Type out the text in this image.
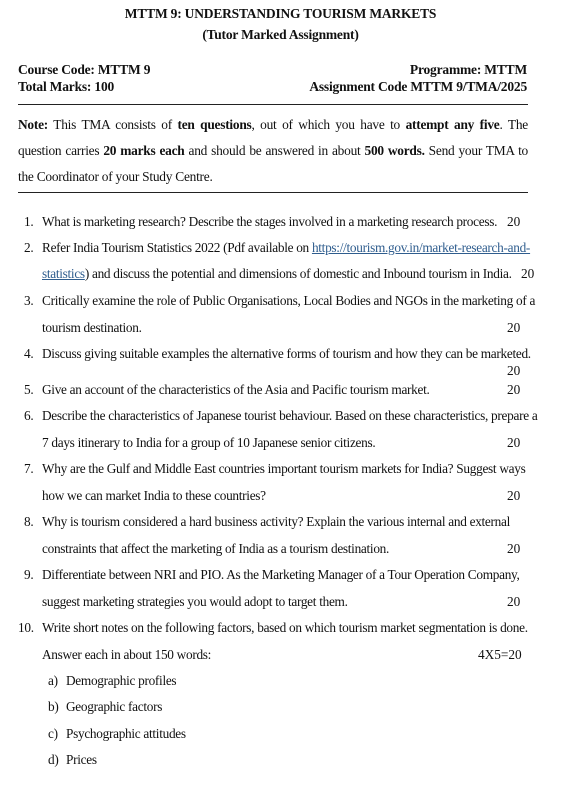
MTTM 9: UNDERSTANDING TOURISM MARKETS
(Tutor Marked Assignment)
Course Code: MTTM 9	Programme: MTTM
Total Marks: 100	Assignment Code MTTM 9/TMA/2025
Note: This TMA consists of ten questions, out of which you have to attempt any five. The question carries 20 marks each and should be answered in about 500 words. Send your TMA to the Coordinator of your Study Centre.
1. What is marketing research? Describe the stages involved in a marketing research process. 20
2. Refer India Tourism Statistics 2022 (Pdf available on https://tourism.gov.in/market-research-and-
statistics) and discuss the potential and dimensions of domestic and Inbound tourism in India. 20
3. Critically examine the role of Public Organisations, Local Bodies and NGOs in the marketing of a
tourism destination.	20
4. Discuss giving suitable examples the alternative forms of tourism and how they can be marketed.
20
5. Give an account of the characteristics of the Asia and Pacific tourism market.	20
6. Describe the characteristics of Japanese tourist behaviour. Based on these characteristics, prepare a
7 days itinerary to India for a group of 10 Japanese senior citizens.	20
7. Why are the Gulf and Middle East countries important tourism markets for India? Suggest ways
how we can market India to these countries?	20
8. Why is tourism considered a hard business activity? Explain the various internal and external
constraints that affect the marketing of India as a tourism destination.	20
9. Differentiate between NRI and PIO. As the Marketing Manager of a Tour Operation Company,
suggest marketing strategies you would adopt to target them.	20
10. Write short notes on the following factors, based on which tourism market segmentation is done.
Answer each in about 150 words:	4X5=20
a) Demographic profiles
b) Geographic factors
c) Psychographic attitudes
d) Prices
